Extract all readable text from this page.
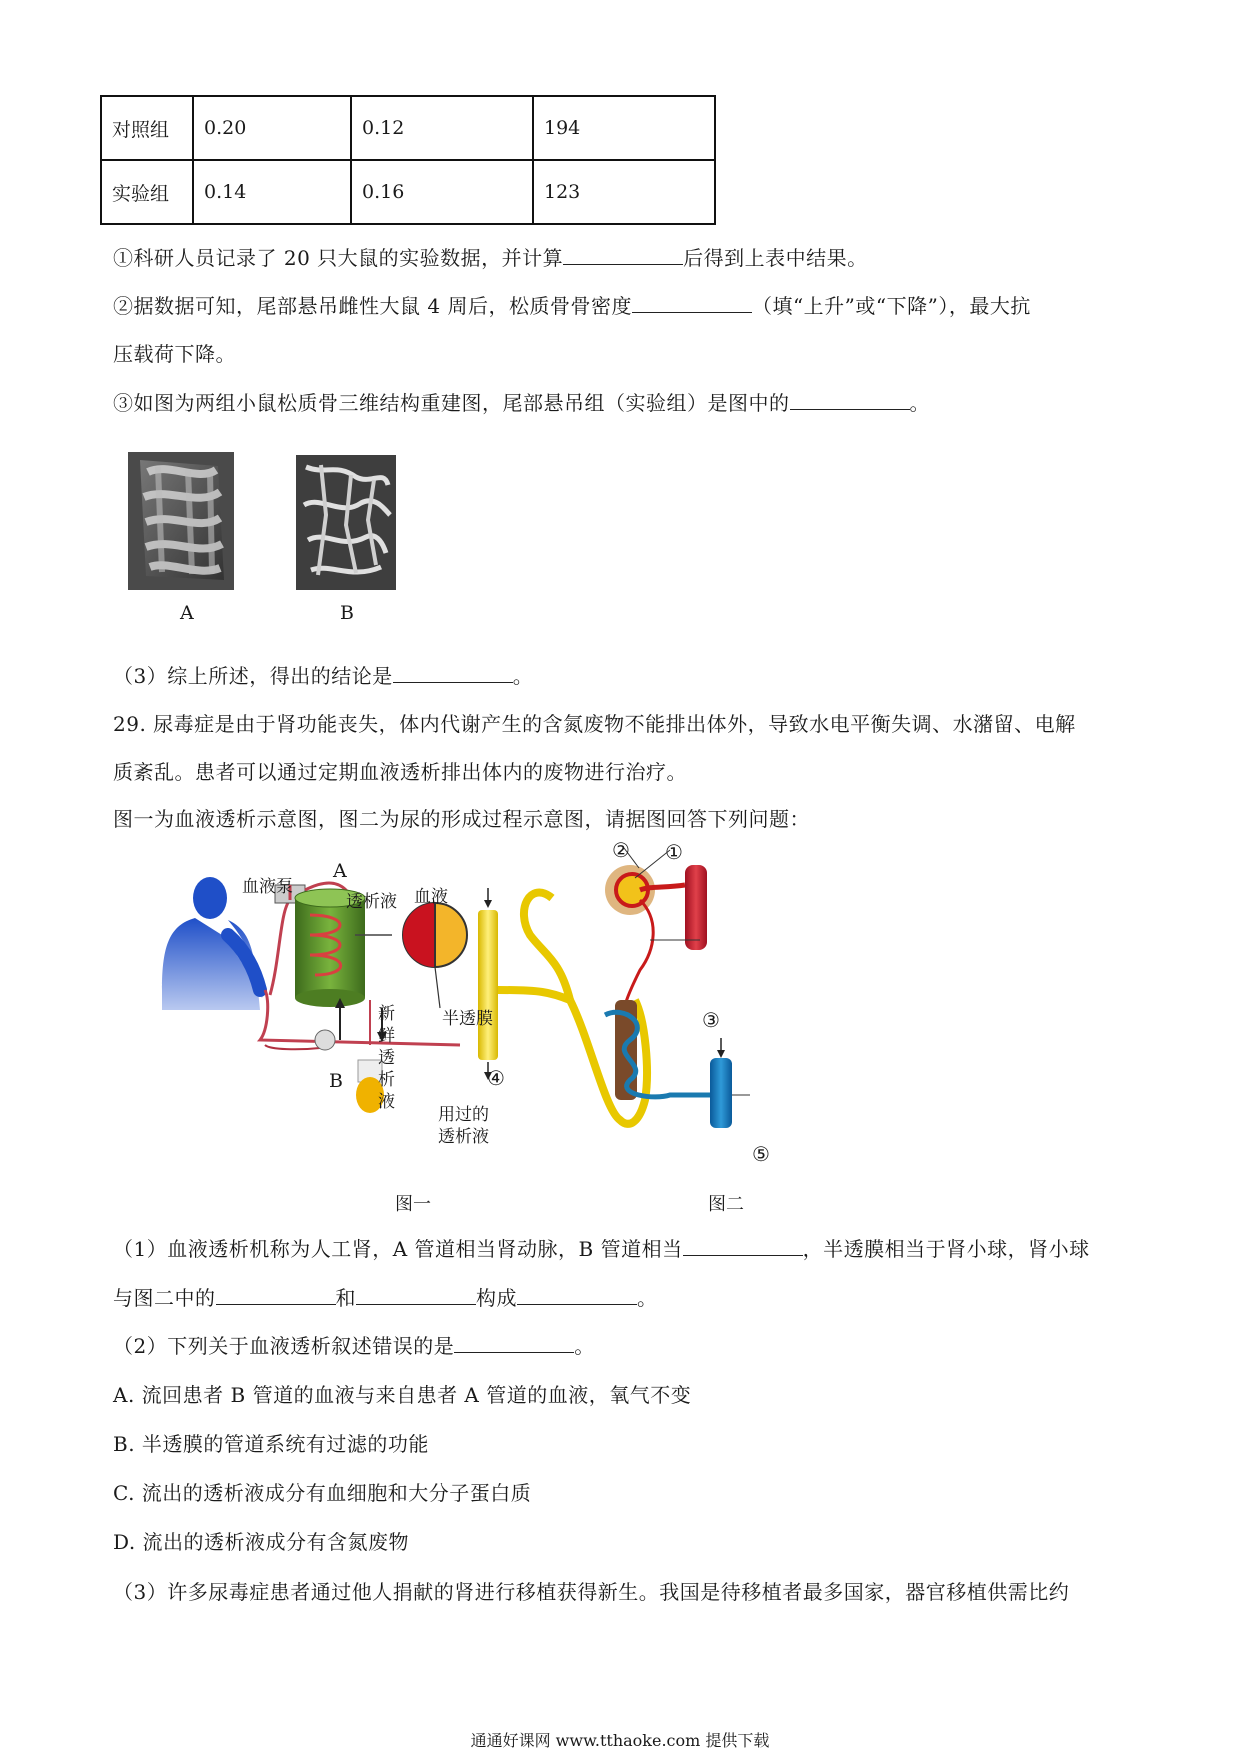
对照组	0.20	0.12	194
实验组	0.14	0.16	123
①科研人员记录了 20 只大鼠的实验数据，并计算	后得到上表中结果。
②据数据可知，尾部悬吊雌性大鼠 4 周后，松质骨骨密度	（填“上升”或“下降”），最大抗
压载荷下降。
③如图为两组小鼠松质骨三维结构重建图，尾部悬吊组（实验组）是图中的	。
A	B
（3）综上所述，得出的结论是	。
29. 尿毒症是由于肾功能丧失，体内代谢产生的含氮废物不能排出体外，导致水电平衡失调、水潴留、电解
质紊乱。患者可以通过定期血液透析排出体内的废物进行治疗。
图一为血液透析示意图，图二为尿的形成过程示意图，请据图回答下列问题：
血液泵
A
透析液 血液
半透膜
B
新
鲜
透
析
液
用过的
透析液
图一
② ①
③
④
⑤
图二
（1）血液透析机称为人工肾，A 管道相当肾动脉，B 管道相当	，半透膜相当于肾小球，肾小球
与图二中的	和	构成	。
（2）下列关于血液透析叙述错误的是	。
A. 流回患者 B 管道的血液与来自患者 A 管道的血液，氧气不变
B. 半透膜的管道系统有过滤的功能
C. 流出的透析液成分有血细胞和大分子蛋白质
D. 流出的透析液成分有含氮废物
（3）许多尿毒症患者通过他人捐献的肾进行移植获得新生。我国是待移植者最多国家，器官移植供需比约
通通好课网 www.tthaoke.com 提供下载
